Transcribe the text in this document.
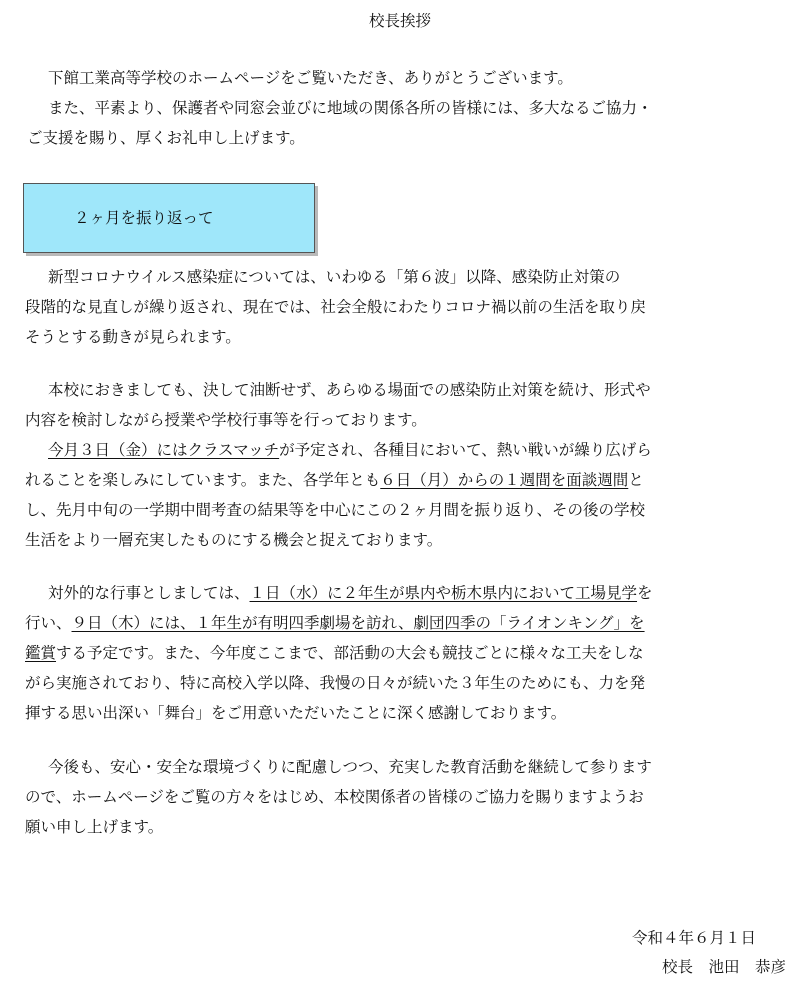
校長挨拶
下館工業高等学校のホームページをご覧いただき、ありがとうございます。
また、平素より、保護者や同窓会並びに地域の関係各所の皆様には、多大なるご協力・
ご支援を賜り、厚くお礼申し上げます。
２ヶ月を振り返って
新型コロナウイルス感染症については、いわゆる「第６波」以降、感染防止対策の
段階的な見直しが繰り返され、現在では、社会全般にわたりコロナ禍以前の生活を取り戻
そうとする動きが見られます。
本校におきましても、決して油断せず、あらゆる場面での感染防止対策を続け、形式や
内容を検討しながら授業や学校行事等を行っております。
今月３日（金）にはクラスマッチが予定され、各種目において、熱い戦いが繰り広げら
れることを楽しみにしています。また、各学年とも６日（月）からの１週間を面談週間と
し、先月中旬の一学期中間考査の結果等を中心にこの２ヶ月間を振り返り、その後の学校
生活をより一層充実したものにする機会と捉えております。
対外的な行事としましては、１日（水）に２年生が県内や栃木県内において工場見学を
行い、９日（木）には、１年生が有明四季劇場を訪れ、劇団四季の「ライオンキング」を
鑑賞する予定です。また、今年度ここまで、部活動の大会も競技ごとに様々な工夫をしな
がら実施されており、特に高校入学以降、我慢の日々が続いた３年生のためにも、力を発
揮する思い出深い「舞台」をご用意いただいたことに深く感謝しております。
今後も、安心・安全な環境づくりに配慮しつつ、充実した教育活動を継続して参ります
ので、ホームページをご覧の方々をはじめ、本校関係者の皆様のご協力を賜りますようお
願い申し上げます。
令和４年６月１日
校長　池田　恭彦
